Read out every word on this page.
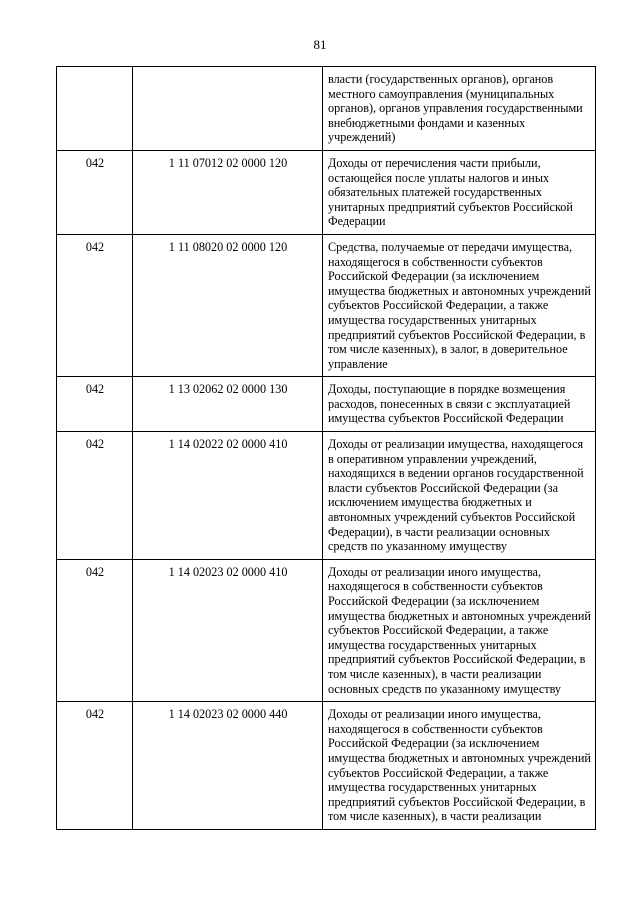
81
		власти (государственных органов), органов местного самоуправления (муниципальных органов), органов управления государственными внебюджетными фондами и казенных учреждений)
042	1 11 07012 02 0000 120	Доходы от перечисления части прибыли, остающейся после уплаты налогов и иных обязательных платежей государственных унитарных предприятий субъектов Российской Федерации
042	1 11 08020 02 0000 120	Средства, получаемые от передачи имущества, находящегося в собственности субъектов Российской Федерации (за исключением имущества бюджетных и автономных учреждений субъектов Российской Федерации, а также имущества государственных унитарных предприятий субъектов Российской Федерации, в том числе казенных), в залог, в доверительное управление
042	1 13 02062 02 0000 130	Доходы, поступающие в порядке возмещения расходов, понесенных в связи с эксплуатацией имущества субъектов Российской Федерации
042	1 14 02022 02 0000 410	Доходы от реализации имущества, находящегося в оперативном управлении учреждений, находящихся в ведении органов государственной власти субъектов Российской Федерации (за исключением имущества бюджетных и автономных учреждений субъектов Российской Федерации), в части реализации основных средств по указанному имуществу
042	1 14 02023 02 0000 410	Доходы от реализации иного имущества, находящегося в собственности субъектов Российской Федерации (за исключением имущества бюджетных и автономных учреждений субъектов Российской Федерации, а также имущества государственных унитарных предприятий субъектов Российской Федерации, в том числе казенных), в части реализации основных средств по указанному имуществу
042	1 14 02023 02 0000 440	Доходы от реализации иного имущества, находящегося в собственности субъектов Российской Федерации (за исключением имущества бюджетных и автономных учреждений субъектов Российской Федерации, а также имущества государственных унитарных предприятий субъектов Российской Федерации, в том числе казенных), в части реализации
